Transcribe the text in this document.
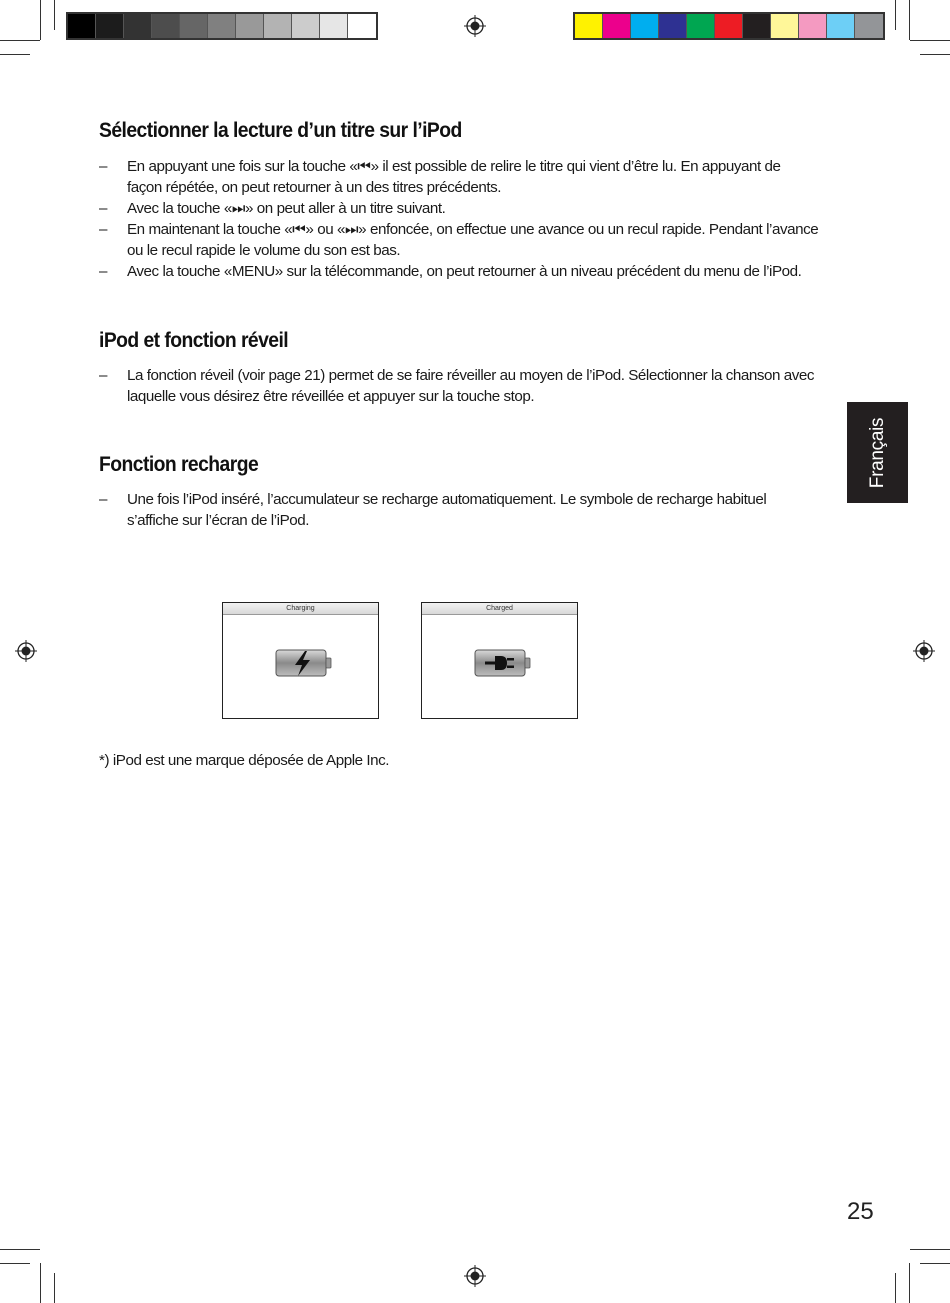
Sélectionner la lecture d’un titre sur l’iPod
– En appuyant une fois sur la touche «⏮» il est possible de relire le titre qui vient d’être lu. En appuyant de façon répétée, on peut retourner à un des titres précédents.
– Avec la touche «⏭» on peut aller à un titre suivant.
– En maintenant la touche «⏮» ou «⏭» enfoncée, on effectue une avance ou un recul rapide. Pendant l’avance ou le recul rapide le volume du son est bas.
– Avec la touche «MENU» sur la télécommande, on peut retourner à un niveau précédent du menu de l’iPod.
iPod et fonction réveil
– La fonction réveil (voir page 21) permet de se faire réveiller au moyen de l’iPod. Sélectionner la chanson avec laquelle vous désirez être réveillée et appuyer sur la touche stop.
Fonction recharge
– Une fois l’iPod inséré, l’accumulateur se recharge automatiquement. Le symbole de recharge habituel s’affiche sur l’écran de l’iPod.
Français
Charging	Charged
*) iPod est une marque déposée de Apple Inc.
25
